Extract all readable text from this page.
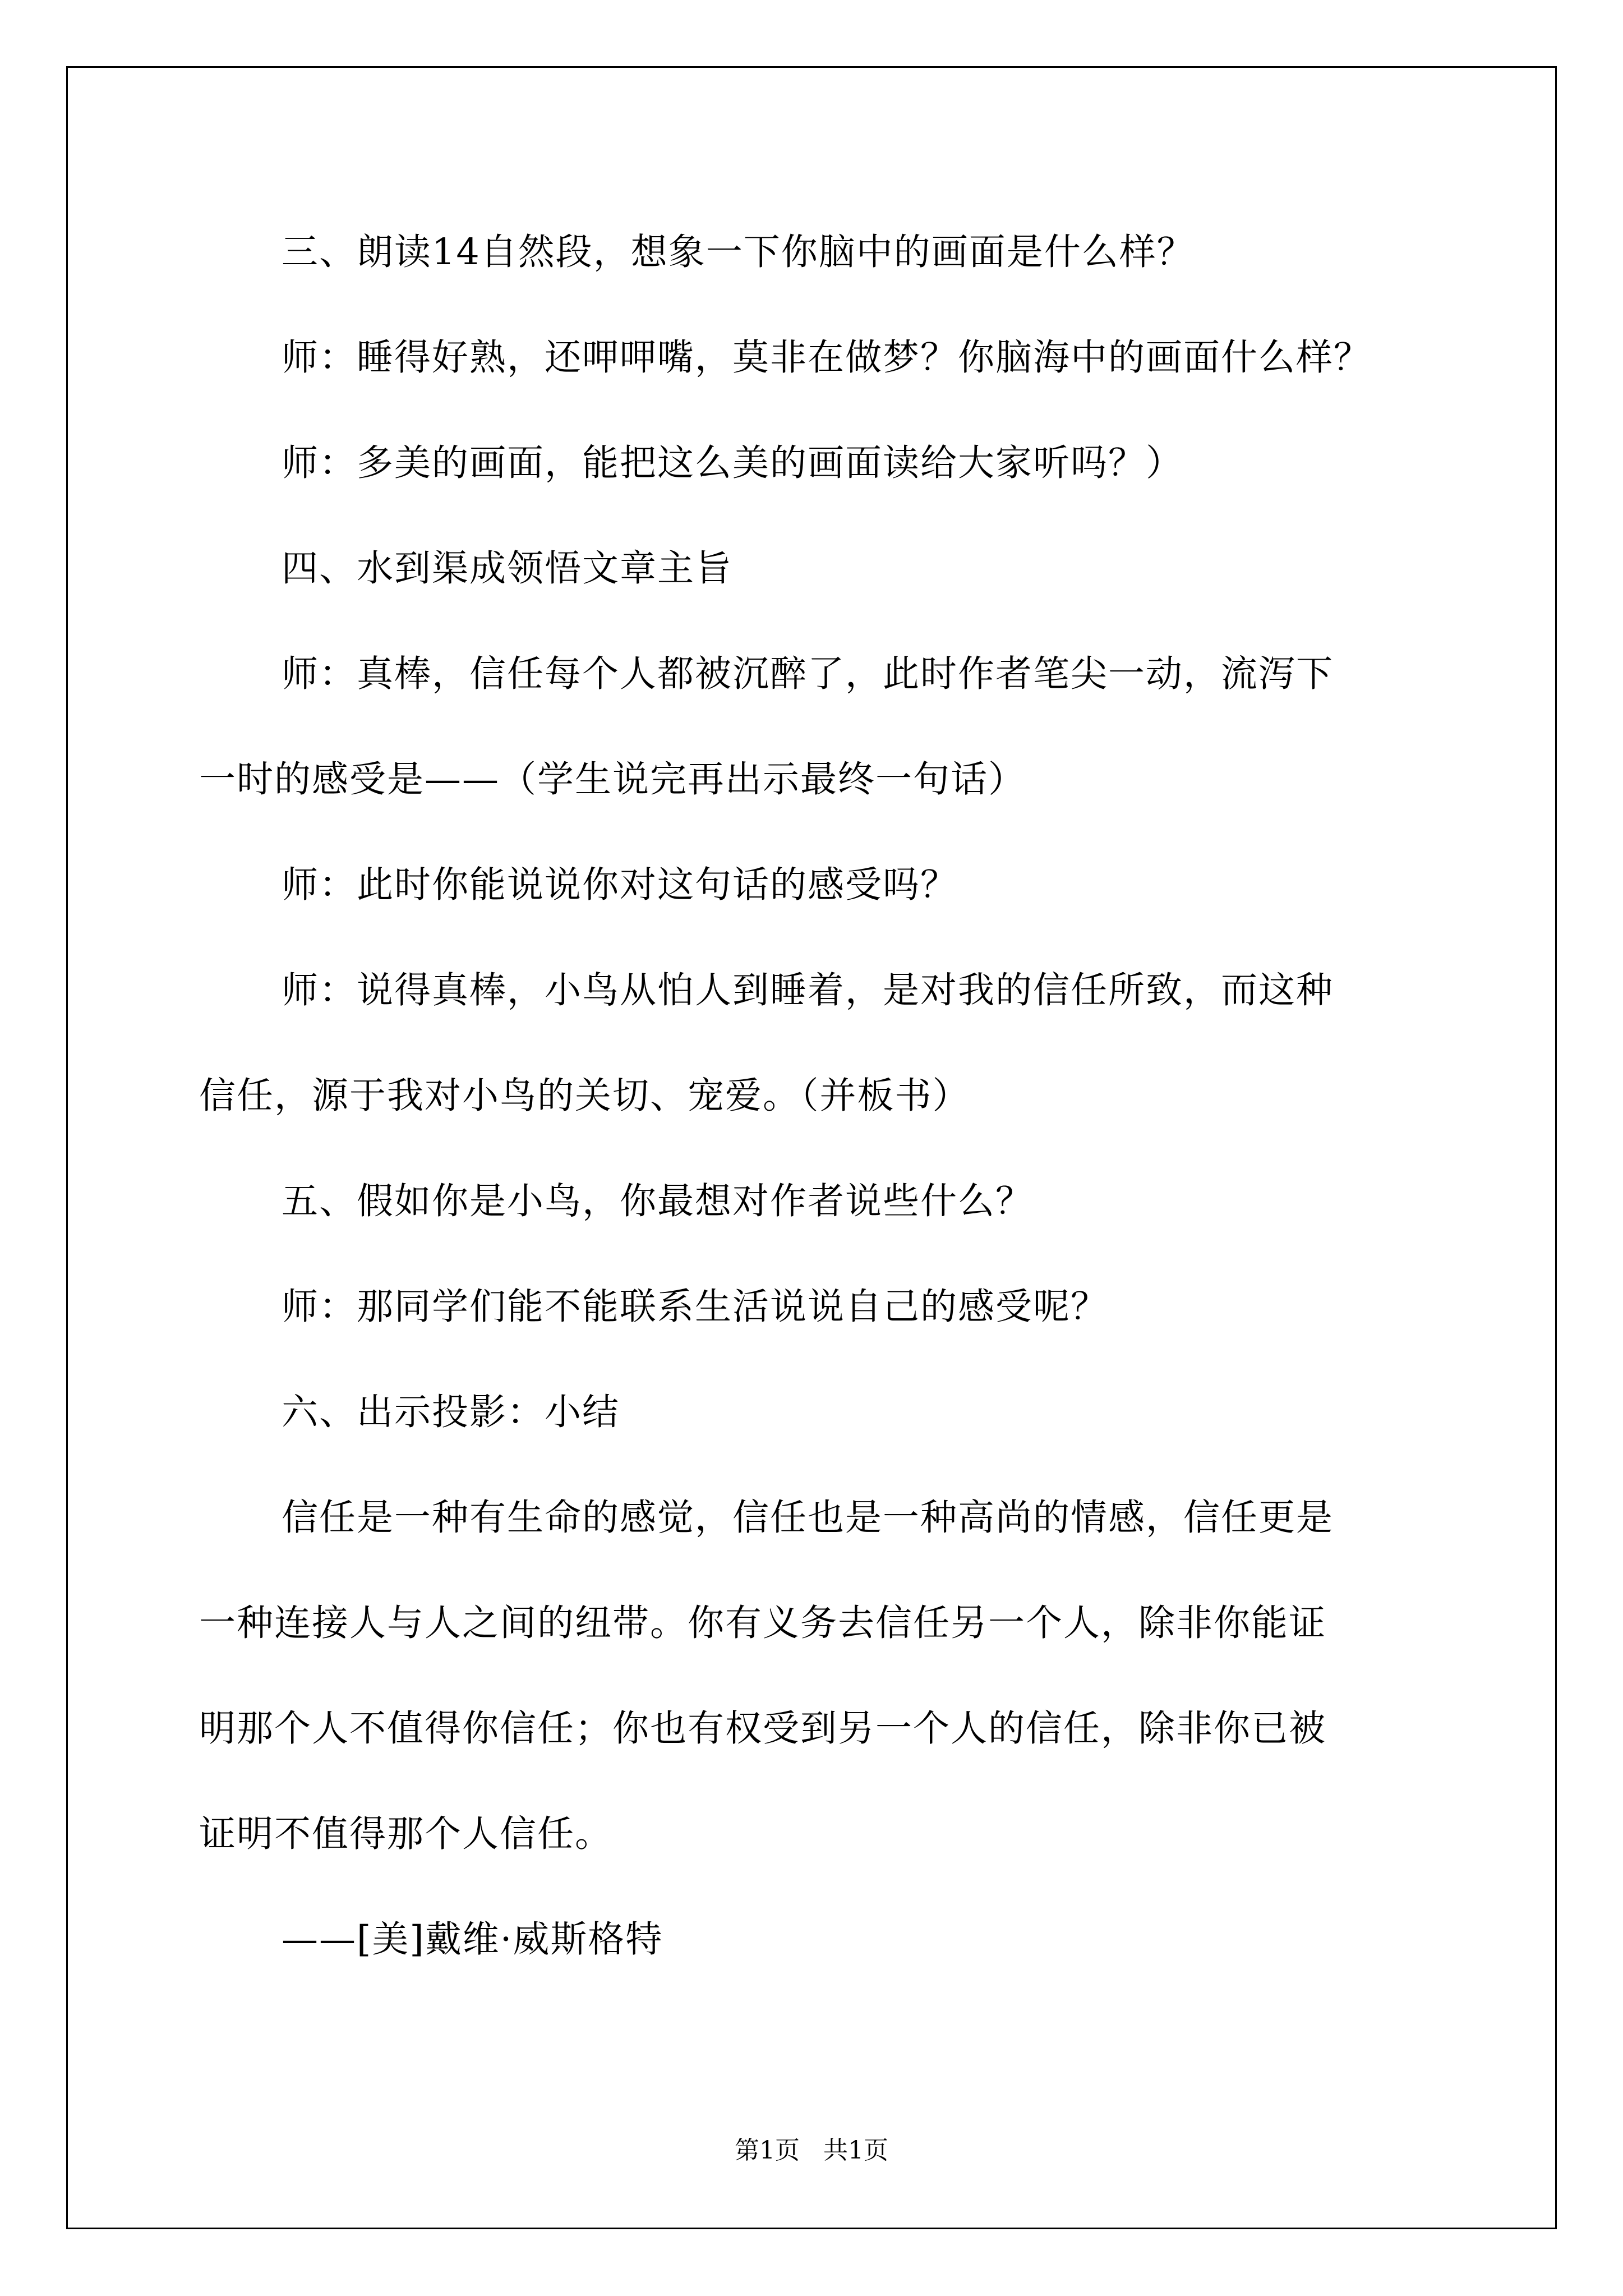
三、朗读14自然段，想象一下你脑中的画面是什么样？
师：睡得好熟，还呷呷嘴，莫非在做梦？你脑海中的画面什么样？
师：多美的画面，能把这么美的画面读给大家听吗？）
四、水到渠成领悟文章主旨
师：真棒，信任每个人都被沉醉了，此时作者笔尖一动，流泻下
一时的感受是——（学生说完再出示最终一句话）
师：此时你能说说你对这句话的感受吗？
师：说得真棒，小鸟从怕人到睡着，是对我的信任所致，而这种
信任，源于我对小鸟的关切、宠爱。（并板书）
五、假如你是小鸟，你最想对作者说些什么？
师：那同学们能不能联系生活说说自己的感受呢？
六、出示投影：小结
信任是一种有生命的感觉，信任也是一种高尚的情感，信任更是
一种连接人与人之间的纽带。你有义务去信任另一个人，除非你能证
明那个人不值得你信任；你也有权受到另一个人的信任，除非你已被
证明不值得那个人信任。
——[美]戴维·威斯格特
第1页   共1页
